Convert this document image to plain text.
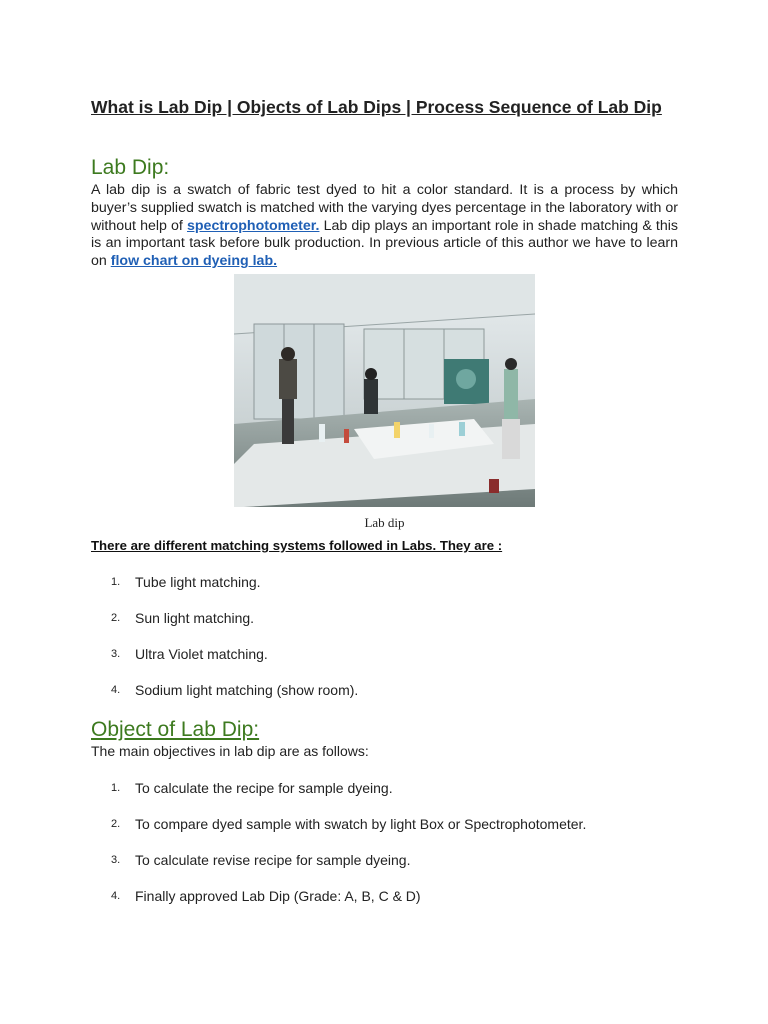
What is Lab Dip | Objects of Lab Dips | Process Sequence of Lab Dip
Lab Dip:

A lab dip is a swatch of fabric test dyed to hit a color standard. It is a process by which buyer’s supplied swatch is matched with the varying dyes percentage in the laboratory with or without help of spectrophotometer. Lab dip plays an important role in shade matching & this is an important task before bulk production. In previous article of this author we have to learn on flow chart on dyeing lab.

Lab dip

There are different matching systems followed in Labs. They are :

1.	Tube light matching.
2.	Sun light matching.
3.	Ultra Violet matching.
4.	Sodium light matching (show room).
Object of Lab Dip:

The main objectives in lab dip are as follows:

1.	To calculate the recipe for sample dyeing.
2.	To compare dyed sample with swatch by light Box or Spectrophotometer.
3.	To calculate revise recipe for sample dyeing.
4.	Finally approved Lab Dip (Grade: A, B, C & D)
